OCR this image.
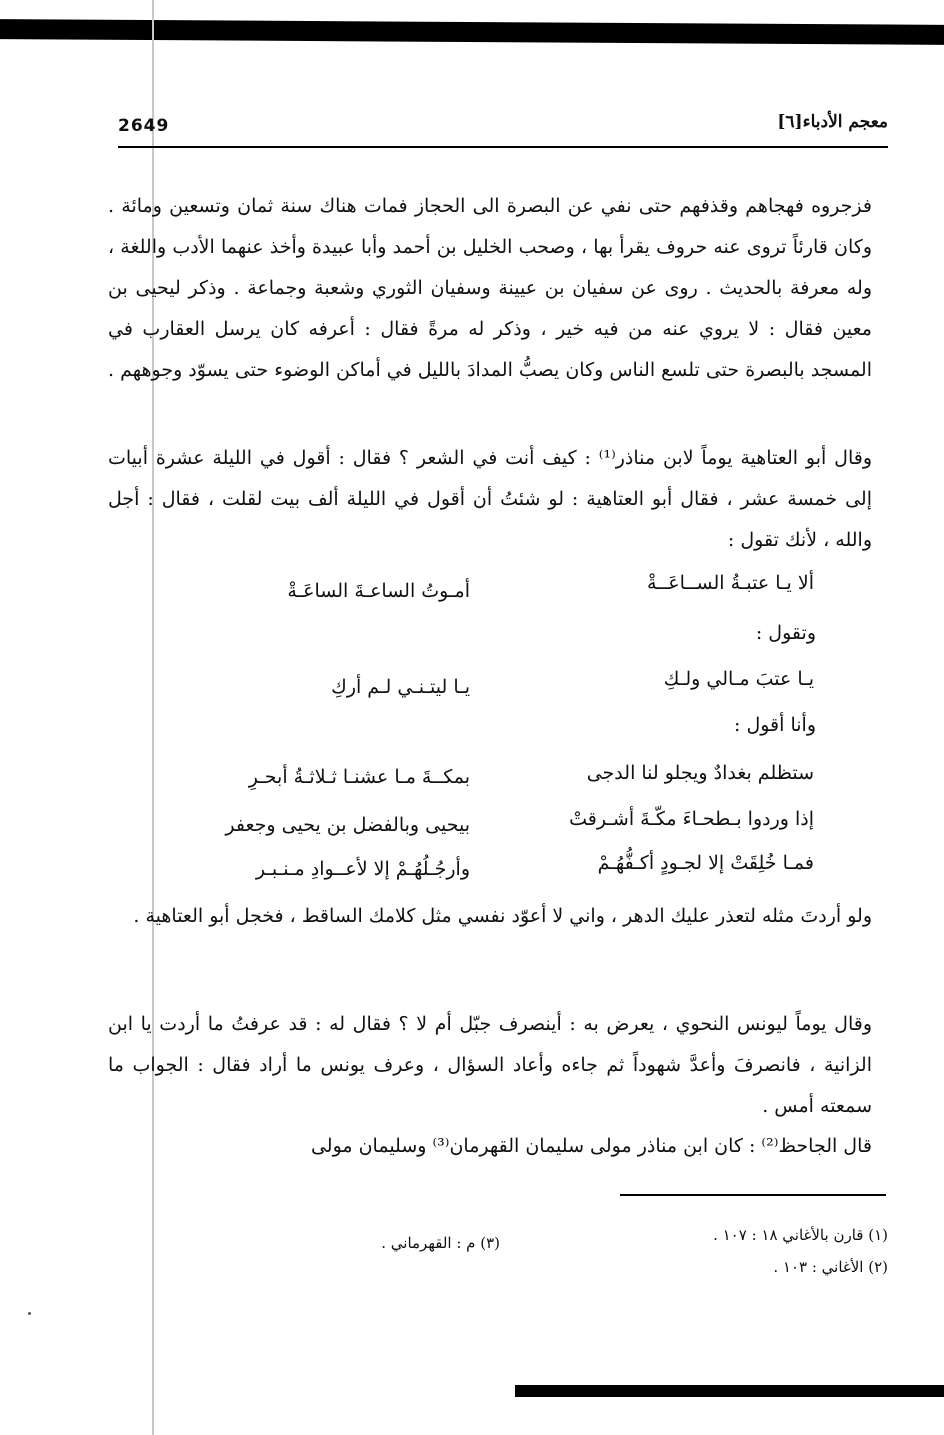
معجم الأدباء[٦]
2649

فزجروه فهجاهم وقذفهم حتى نفي عن البصرة الى الحجاز فمات هناك سنة ثمان وتسعين ومائة . وكان قارئاً تروى عنه حروف يقرأ بها ، وصحب الخليل بن أحمد وأبا عبيدة وأخذ عنهما الأدب واللغة ، وله معرفة بالحديث . روى عن سفيان بن عيينة وسفيان الثوري وشعبة وجماعة . وذكر ليحيى بن معين فقال : لا يروي عنه من فيه خير ، وذكر له مرةً فقال : أعرفه كان يرسل العقارب في المسجد بالبصرة حتى تلسع الناس وكان يصبُّ المدادَ بالليل في أماكن الوضوء حتى يسوّد وجوههم .

وقال أبو العتاهية يوماً لابن مناذر⁽¹⁾ : كيف أنت في الشعر ؟ فقال : أقول في الليلة عشرة أبيات إلى خمسة عشر ، فقال أبو العتاهية : لو شئتُ أن أقول في الليلة ألف بيت لقلت ، فقال : أجل والله ، لأنك تقول :

ألا يـا عتبـةُ الســاعَــةْ
أمـوتُ الساعـةَ الساعَـةْ
وتقول :
يـا عتبَ مـالي ولـكِ
يـا ليتـنـي لـم أركِ
وأنا أقول :
ستظلم بغدادٌ ويجلو لنا الدجى
بمكــةَ مـا عشنـا ثـلاثـةُ أبحـرِ
إذا وردوا بـطحـاءَ مكّـةَ أشـرقتْ
بيحيى وبالفضل بن يحيى وجعفر
فمـا خُلِقَتْ إلا لجـودٍ أكـفُّهُـمْ
وأرجُـلُهُـمْ إلا لأعــوادِ مـنـبـر

ولو أردتَ مثله لتعذر عليك الدهر ، واني لا أعوّد نفسي مثل كلامك الساقط ، فخجل أبو العتاهية .

وقال يوماً ليونس النحوي ، يعرض به : أينصرف جبّل أم لا ؟ فقال له : قد عرفتُ ما أردت يا ابن الزانية ، فانصرفَ وأعدَّ شهوداً ثم جاءه وأعاد السؤال ، وعرف يونس ما أراد فقال : الجواب ما سمعته أمس .

قال الجاحظ⁽²⁾ : كان ابن مناذر مولى سليمان القهرمان⁽³⁾ وسليمان مولى

(١) قارن بالأغاني ١٨ : ١٠٧ .
(٢) الأغاني : ١٠٣ .
(٣) م : القهرماني .
